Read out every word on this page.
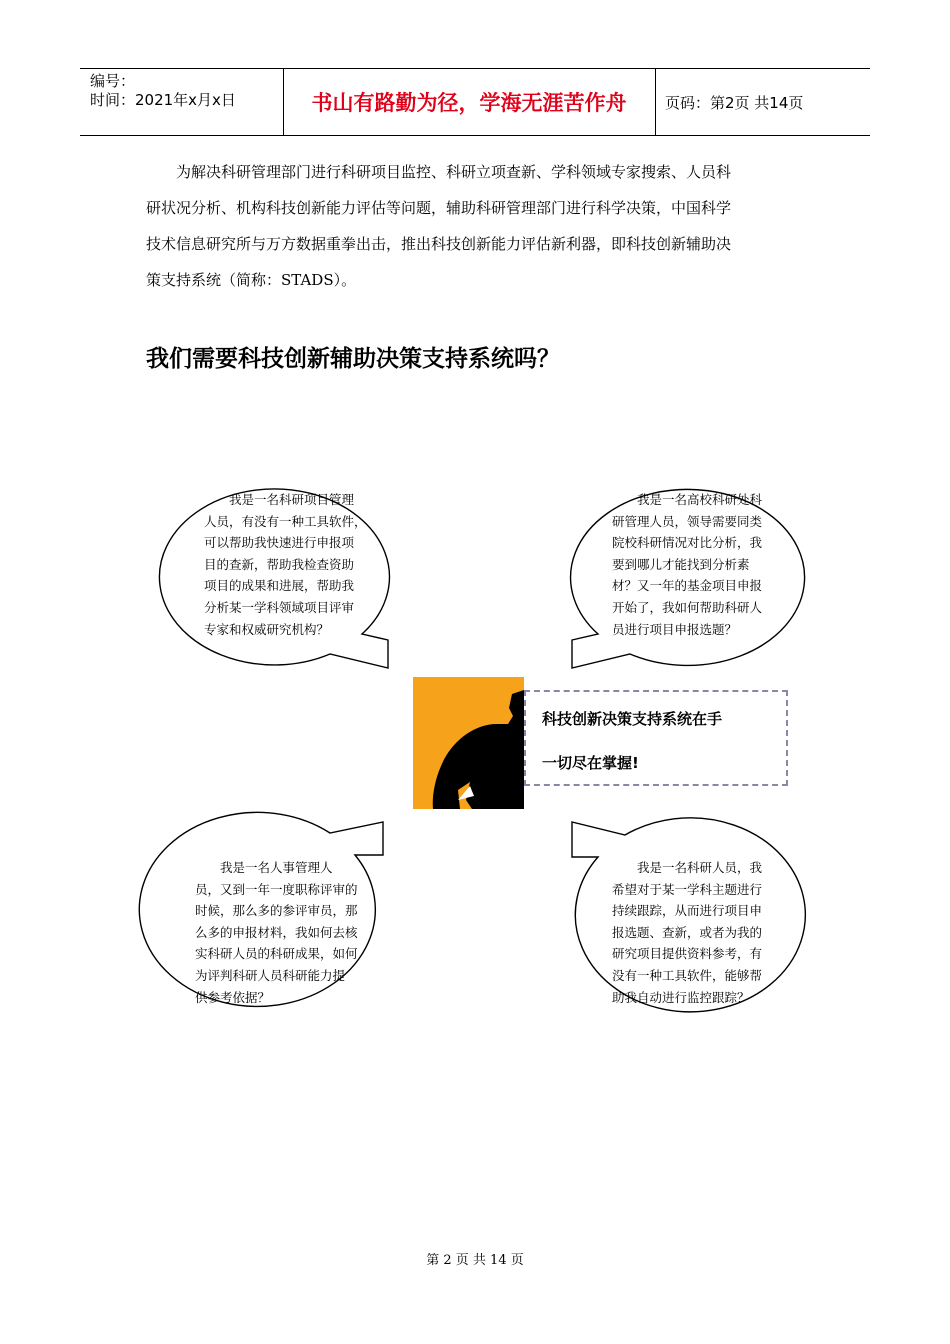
编号：
时间：2021年x月x日	书山有路勤为径，学海无涯苦作舟	页码：第2页 共14页
为解决科研管理部门进行科研项目监控、科研立项查新、学科领域专家搜索、人员科
研状况分析、机构科技创新能力评估等问题，辅助科研管理部门进行科学决策，中国科学
技术信息研究所与万方数据重拳出击，推出科技创新能力评估新利器，即科技创新辅助决
策支持系统（简称：STADS）。
我们需要科技创新辅助决策支持系统吗？
　　我是一名科研项目管理
人员，有没有一种工具软件，
可以帮助我快速进行申报项
目的查新，帮助我检查资助
项目的成果和进展，帮助我
分析某一学科领域项目评审
专家和权威研究机构？
　　我是一名高校科研处科
研管理人员，领导需要同类
院校科研情况对比分析，我
要到哪儿才能找到分析素
材？又一年的基金项目申报
开始了，我如何帮助科研人
员进行项目申报选题？
　　我是一名人事管理人
员，又到一年一度职称评审的
时候，那么多的参评审员，那
么多的申报材料，我如何去核
实科研人员的科研成果，如何
为评判科研人员科研能力提
供参考依据？
　　我是一名科研人员，我
希望对于某一学科主题进行
持续跟踪，从而进行项目申
报选题、查新，或者为我的
研究项目提供资料参考，有
没有一种工具软件，能够帮
助我自动进行监控跟踪？
科技创新决策支持系统在手
一切尽在掌握!
第 2 页 共 14 页
